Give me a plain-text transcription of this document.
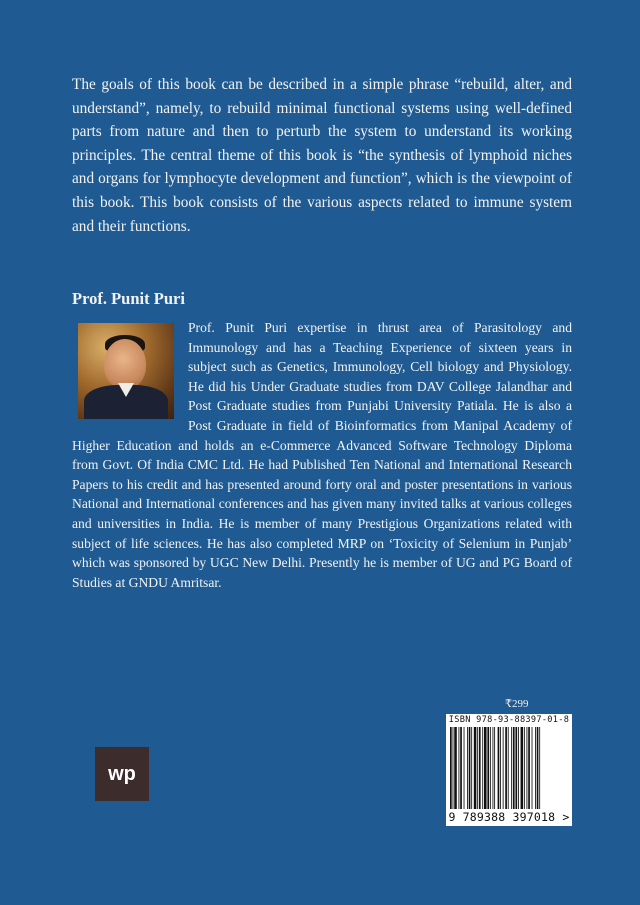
The goals of this book can be described in a simple phrase “rebuild, alter, and understand”, namely, to rebuild minimal functional systems using well-defined parts from nature and then to perturb the system to understand its working principles. The central theme of this book is “the synthesis of lymphoid niches and organs for lymphocyte development and function”, which is the viewpoint of this book. This book consists of the various aspects related to immune system and their functions.

Prof. Punit Puri
Prof. Punit Puri expertise in thrust area of Parasitology and Immunology and has a Teaching Experience of sixteen years in subject such as Genetics, Immunology, Cell biology and Physiology. He did his Under Graduate studies from DAV College Jalandhar and Post Graduate studies from Punjabi University Patiala. He is also a Post Graduate in field of Bioinformatics from Manipal Academy of Higher Education and holds an e-Commerce Advanced Software Technology Diploma from Govt. Of India CMC Ltd. He had Published Ten National and International Research Papers to his credit and has presented around forty oral and poster presentations in various National and International conferences and has given many invited talks at various colleges and universities in India. He is member of many Prestigious Organizations related with subject of life sciences. He has also completed MRP on ‘Toxicity of Selenium in Punjab’ which was sponsored by UGC New Delhi. Presently he is member of UG and PG Board of Studies at GNDU Amritsar.

₹299

ISBN 978-93-88397-01-8
9 789388 397018 >
wp
